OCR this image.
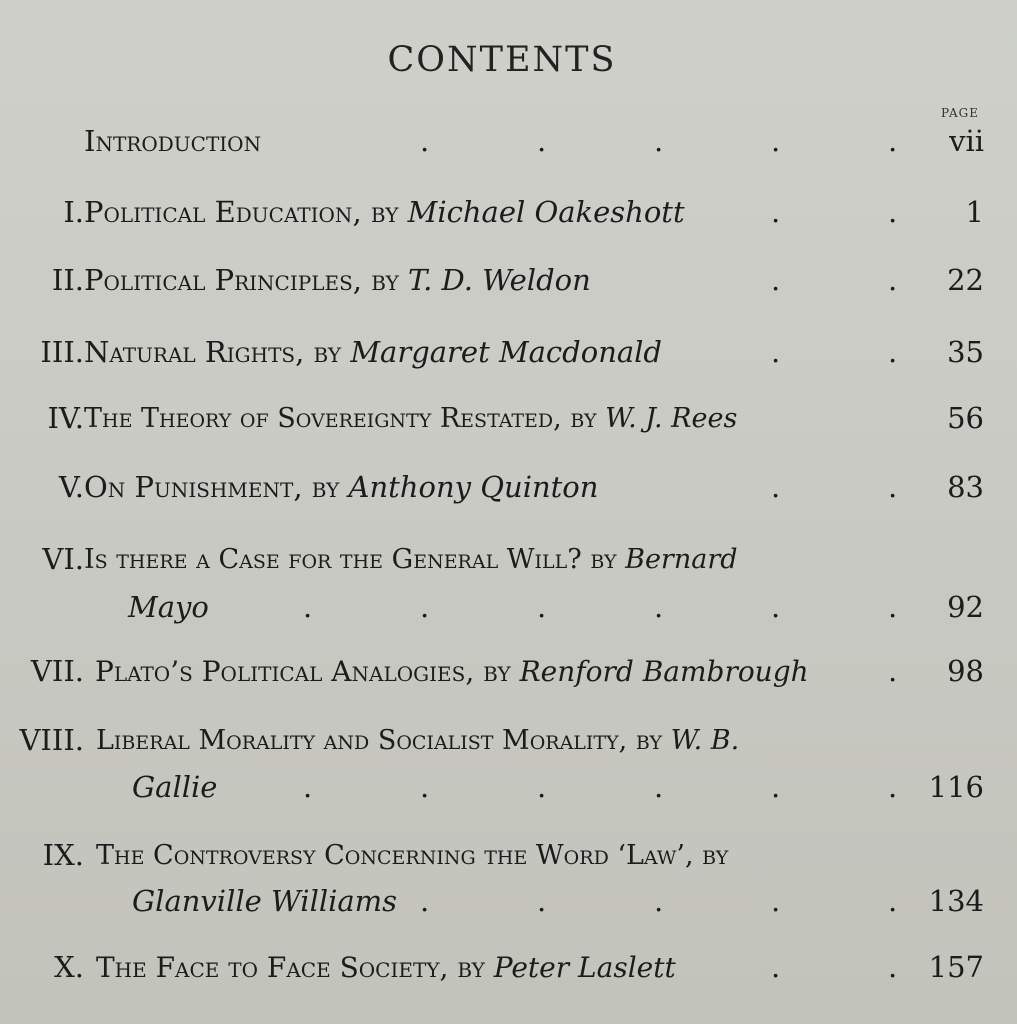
CONTENTS
PAGE
Introduction	.	.	.	.	. vii
I. Political Education, by Michael Oakeshott	.	. 1
II. Political Principles, by T. D. Weldon	.	. 22
III. Natural Rights, by Margaret Macdonald	.	. 35
IV. The Theory of Sovereignty Restated, by W. J. Rees	56
V. On Punishment, by Anthony Quinton	.	. 83
VI. Is there a Case for the General Will? by Bernard
Mayo	.	.	.	.	.	. 92
VII. Plato’s Political Analogies, by Renford Bambrough	. 98
VIII. Liberal Morality and Socialist Morality, by W. B.
Gallie	.	.	.	.	.	. 116
IX. The Controversy Concerning the Word ‘Law’, by
Glanville Williams .	.	.	.	. 134
X. The Face to Face Society, by Peter Laslett	.	. 157
